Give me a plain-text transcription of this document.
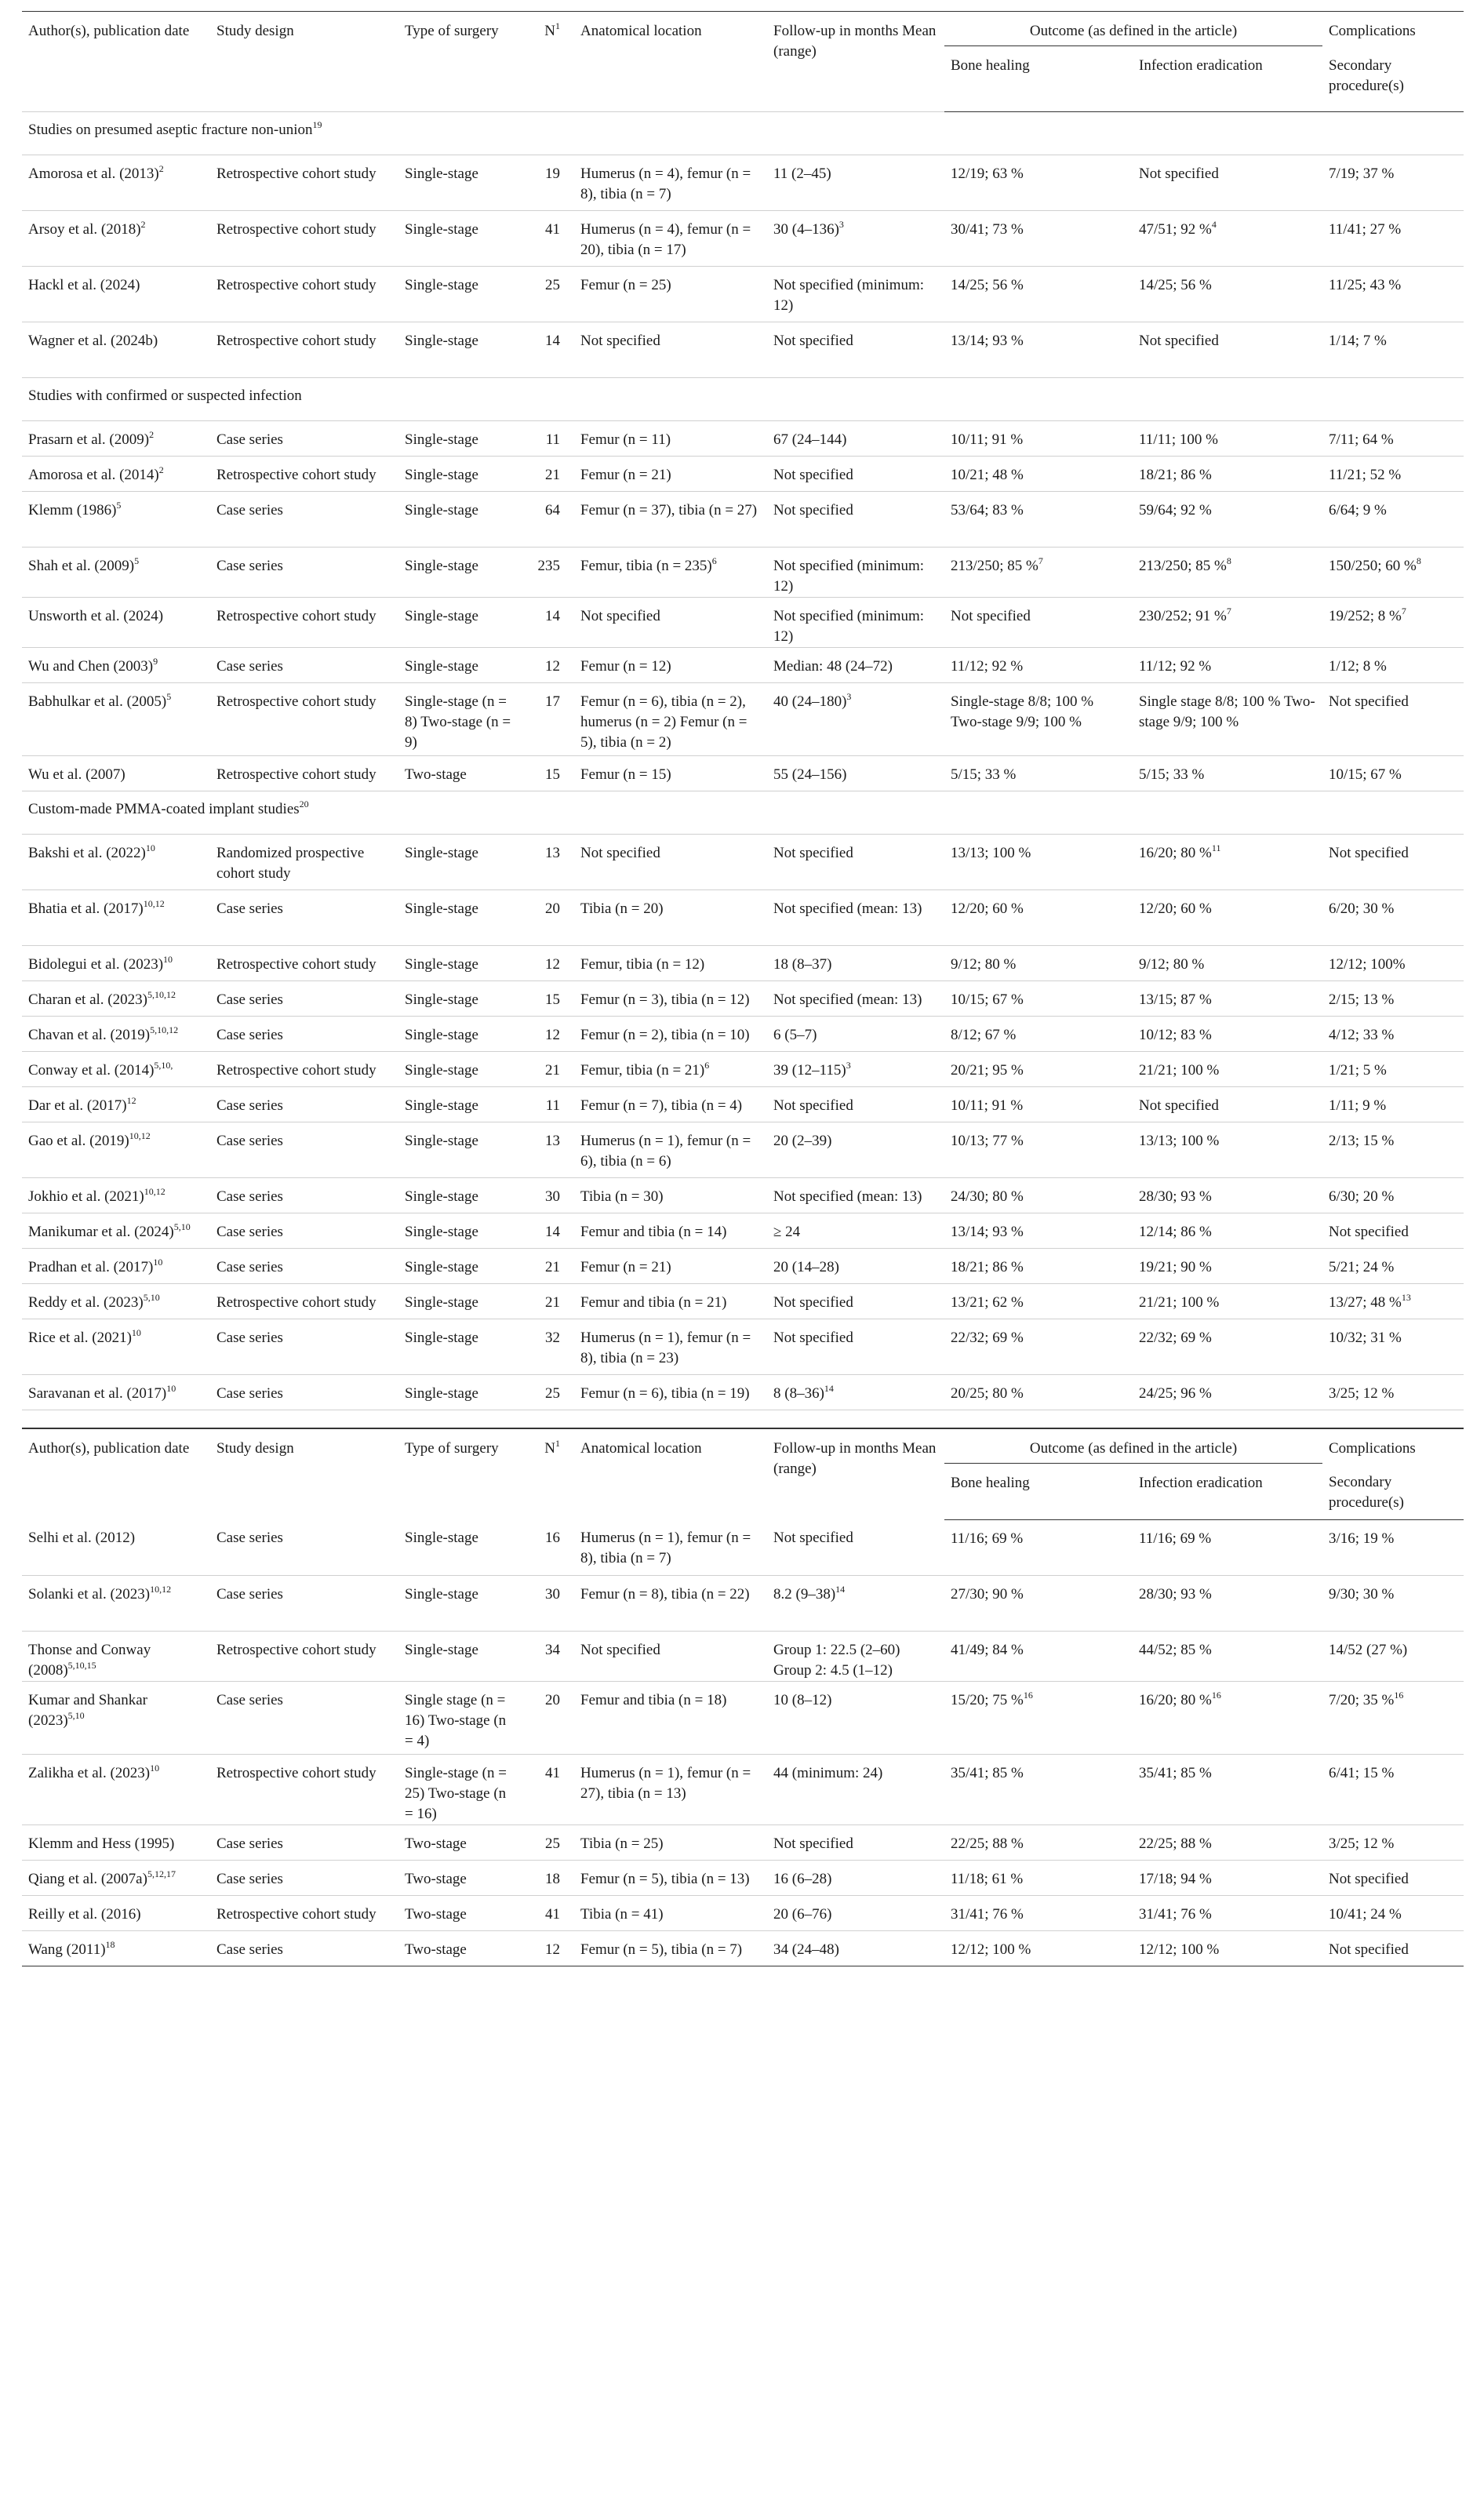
Author(s), publication date	Study design	Type of surgery	$N^1$	Anatomical location	Follow-up in months Mean (range)	Outcome (as defined in the article)		Complications
						Bone healing	Infection eradication	Secondary procedure(s)
Studies on presumed aseptic fracture non-union$^{19}$
Amorosa et al. $(2013)^2$	Retrospective cohort study	Single-stage	19	Humerus (n = 4), femur (n = 8), tibia (n = 7)	11 (2–45)	12/19; 63 %	Not specified	7/19; 37 %
Arsoy et al. $(2018)^2$	Retrospective cohort study	Single-stage	41	Humerus (n = 4), femur (n = 20), tibia (n = 17)	30 $(4-136)^3$	30/41; 73 %	47/51; 92 %$^4$	11/41; 27 %
Hackl et al. (2024)	Retrospective cohort study	Single-stage	25	Femur (n = 25)	Not specified (minimum: 12)	14/25; 56 %	14/25; 56 %	11/25; 43 %
Wagner et al. (2024b)	Retrospective cohort study	Single-stage	14	Not specified	Not specified	13/14; 93 %	Not specified	1/14; 7 %
Studies with confirmed or suspected infection								
Prasarn et al. $(2009)^2$	Case series	Single-stage	11	Femur (n = 11)	67 (24–144)	10/11; 91 %	11/11; 100 %	7/11; 64 %
Amorosa et al. $(2014)^2$	Retrospective cohort study	Single-stage	21	Femur (n = 21)	Not specified	10/21; 48 %	18/21; 86 %	11/21; 52 %
Klemm $(1986)^5$	Case series	Single-stage	64	Femur (n = 37), tibia (n = 27)	Not specified	53/64; 83 %	59/64; 92 %	6/64; 9 %
Shah et al. $(2009)^5$	Case series	Single-stage	235	Femur, tibia (n = 235)$^6$	Not specified (minimum: 12)	213/250; 85 %$^7$	213/250; 85 %$^8$	150/250; 60 %$^8$
Unsworth et al. (2024)	Retrospective cohort study	Single-stage	14	Not specified	Not specified (minimum: 12)	Not specified	230/252; 91 %$^7$	19/252; 8 %$^7$
Wu and Chen $(2003)^9$	Case series	Single-stage	12	Femur (n = 12)	Median: 48 (24–72)	11/12; 92 %	11/12; 92 %	1/12; 8 %
Babhulkar et al. $(2005)^5$	Retrospective cohort study	Single-stage (n = 8) Two-stage (n = 9)	17	Femur (n = 6), tibia (n = 2), humerus (n = 2) Femur (n = 5), tibia (n = 2)	40 $(24-180)^3$	Single-stage 8/8; 100 % Two-stage 9/9; 100 %	Single stage 8/8; 100 % Two-stage 9/9; 100 %	Not specified
Wu et al. (2007)	Retrospective cohort study	Two-stage	15	Femur (n = 15)	55 (24–156)	5/15; 33 %	5/15; 33 %	10/15; 67 %
Custom-made PMMA-coated implant studies$^{20}$
Bakshi et al. $(2022)^{10}$	Randomized prospective cohort study	Single-stage	13	Not specified	Not specified	13/13; 100 %	16/20; 80 %$^{11}$	Not specified
Bhatia et al. $(2017)^{10,12}$	Case series	Single-stage	20	Tibia (n = 20)	Not specified (mean: 13)	12/20; 60 %	12/20; 60 %	6/20; 30 %
Bidolegui et al. $(2023)^{10}$	Retrospective cohort study	Single-stage	12	Femur, tibia (n = 12)	18 (8–37)	9/12; 80 %	9/12; 80 %	12/12; 100%
Charan et al. $(2023)^{5,10,12}$	Case series	Single-stage	15	Femur (n = 3), tibia (n = 12)	Not specified (mean: 13)	10/15; 67 %	13/15; 87 %	2/15; 13 %
Chavan et al. $(2019)^{5,10,12}$	Case series	Single-stage	12	Femur (n = 2), tibia (n = 10)	6 (5–7)	8/12; 67 %	10/12; 83 %	4/12; 33 %
Conway et al. $(2014)^{5,10,}$	Retrospective cohort study	Single-stage	21	Femur, tibia (n = 21)$^6$	39 $(12-115)^3$	20/21; 95 %	21/21; 100 %	1/21; 5 %
Dar et al. $(2017)^{12}$	Case series	Single-stage	11	Femur (n = 7), tibia (n = 4)	Not specified	10/11; 91 %	Not specified	1/11; 9 %
Gao et al. $(2019)^{10,12}$	Case series	Single-stage	13	Humerus (n = 1), femur (n = 6), tibia (n = 6)	20 (2–39)	10/13; 77 %	13/13; 100 %	2/13; 15 %
Jokhio et al. $(2021)^{10,12}$	Case series	Single-stage	30	Tibia (n = 30)	Not specified (mean: 13)	24/30; 80 %	28/30; 93 %	6/30; 20 %
Manikumar et al. $(2024)^{5,10}$	Case series	Single-stage	14	Femur and tibia (n = 14)	≥ 24	13/14; 93 %	12/14; 86 %	Not specified
Pradhan et al. $(2017)^{10}$	Case series	Single-stage	21	Femur (n = 21)	20 (14–28)	18/21; 86 %	19/21; 90 %	5/21; 24 %
Reddy et al. $(2023)^{5,10}$	Retrospective cohort study	Single-stage	21	Femur and tibia (n = 21)	Not specified	13/21; 62 %	21/21; 100 %	13/27; 48 %$^{13}$
Rice et al. $(2021)^{10}$	Case series	Single-stage	32	Humerus (n = 1), femur (n = 8), tibia (n = 23)	Not specified	22/32; 69 %	22/32; 69 %	10/32; 31 %
Saravanan et al. $(2017)^{10}$	Case series	Single-stage	25	Femur (n = 6), tibia (n = 19)	8 $(8-36)^{14}$	20/25; 80 %	24/25; 96 %	3/25; 12 %
Author(s), publication date	Study design	Type of surgery	$N^1$	Anatomical location	Follow-up in months Mean (range)	Outcome (as defined in the article)		Complications
						Bone healing	Infection eradication	Secondary procedure(s)
Selhi et al. (2012)	Case series	Single-stage	16	Humerus (n = 1), femur (n = 8), tibia (n = 7)	Not specified	11/16; 69 %	11/16; 69 %	3/16; 19 %
Solanki et al. $(2023)^{10,12}$	Case series	Single-stage	30	Femur (n = 8), tibia (n = 22)	8.2 $(9-38)^{14}$	27/30; 90 %	28/30; 93 %	9/30; 30 %
Thonse and Conway $(2008)^{5,10,15}$	Retrospective cohort study	Single-stage	34	Not specified	Group 1: 22.5 (2–60) Group 2: 4.5 (1–12)	41/49; 84 %	44/52; 85 %	14/52 (27 %)
Kumar and Shankar $(2023)^{5,10}$	Case series	Single stage (n = 16) Two-stage (n = 4)	20	Femur and tibia (n = 18)	10 (8–12)	15/20; 75 %$^{16}$	16/20; 80 %$^{16}$	7/20; 35 %$^{16}$
Zalikha et al. $(2023)^{10}$	Retrospective cohort study	Single-stage (n = 25) Two-stage (n = 16)	41	Humerus (n = 1), femur (n = 27), tibia (n = 13)	44 (minimum: 24)	35/41; 85 %	35/41; 85 %	6/41; 15 %
Klemm and Hess (1995)	Case series	Two-stage	25	Tibia (n = 25)	Not specified	22/25; 88 %	22/25; 88 %	3/25; 12 %
Qiang et al. $(2007a)^{5,12,17}$	Case series	Two-stage	18	Femur (n = 5), tibia (n = 13)	16 (6–28)	11/18; 61 %	17/18; 94 %	Not specified
Reilly et al. (2016)	Retrospective cohort study	Two-stage	41	Tibia (n = 41)	20 (6–76)	31/41; 76 %	31/41; 76 %	10/41; 24 %
Wang $(2011)^{18}$	Case series	Two-stage	12	Femur (n = 5), tibia (n = 7)	34 (24–48)	12/12; 100 %	12/12; 100 %	Not specified
